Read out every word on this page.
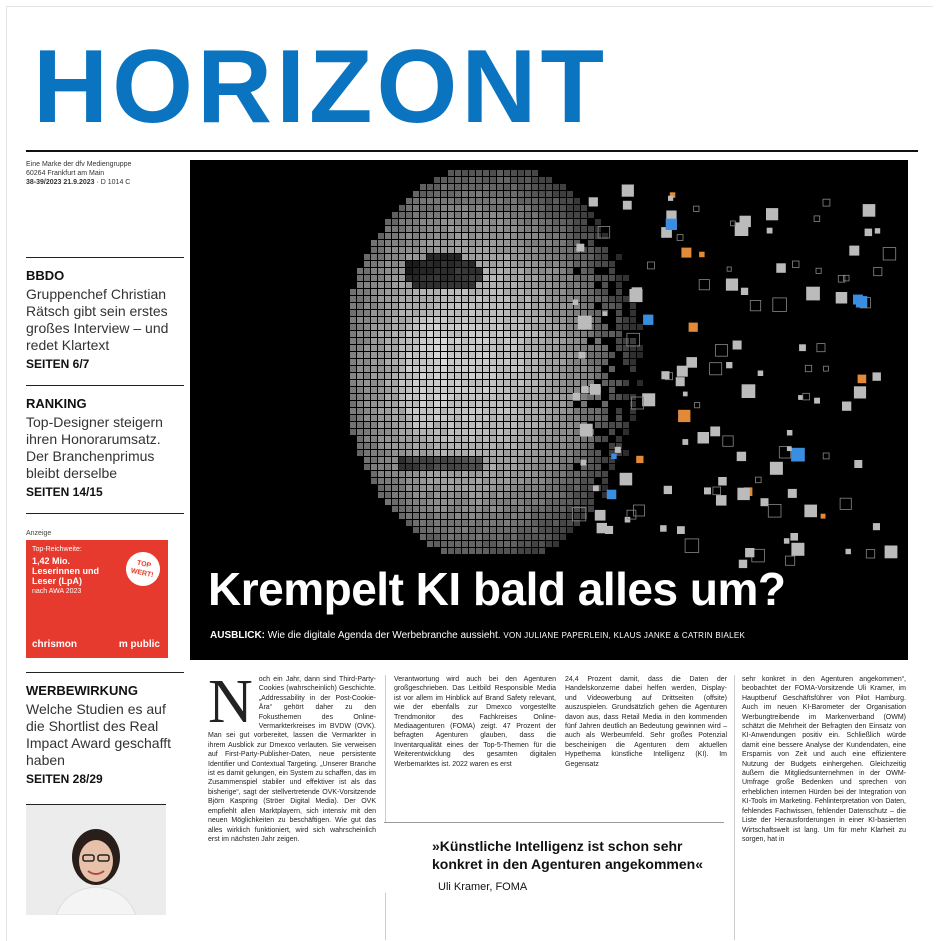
HORIZONT
Eine Marke der dfv Mediengruppe
60264 Frankfurt am Main
38-39/2023 21.9.2023 · D 1014 C
BBDO
Gruppenchef Christian Rätsch gibt sein erstes großes Interview – und redet Klartext
SEITEN 6/7
RANKING
Top-Designer steigern ihren Honorarumsatz. Der Branchenprimus bleibt derselbe
SEITEN 14/15
Anzeige
Top-Reichweite:
1,42 Mio. Leserinnen und Leser (LpA)
nach AWA 2023
TOP WERT!
chrismon	m public
WERBEWIRKUNG
Welche Studien es auf die Shortlist des Real Impact Award geschafft haben
SEITEN 28/29
Krempelt KI bald alles um?
AUSBLICK: Wie die digitale Agenda der Werbebranche aussieht. VON JULIANE PAPERLEIN, KLAUS JANKE & CATRIN BIALEK
Noch ein Jahr, dann sind Third-Party-Cookies (wahrscheinlich) Geschichte. „Addressability in der Post-Cookie-Ära“ gehört daher zu den Fokusthemen des Online-Vermarkterkreises im BVDW (OVK). Man sei gut vorbereitet, lassen die Vermarkter in ihrem Ausblick zur Dmexco verlauten. Sie verweisen auf First-Party-Publisher-Daten, neue persistente Identifier und Contextual Targeting. „Unserer Branche ist es damit gelungen, ein System zu schaffen, das im Zusammenspiel stabiler und effektiver ist als das bisherige“, sagt der stellvertretende OVK-Vorsitzende Björn Kaspring (Ströer Digital Media). Der OVK empfiehlt allen Marktplayern, sich intensiv mit den neuen Möglichkeiten zu beschäftigen. Wie gut das alles wirklich funktioniert, wird sich wahrscheinlich erst im nächsten Jahr zeigen.
Verantwortung wird auch bei den Agenturen großgeschrieben. Das Leitbild Responsible Media ist vor allem im Hinblick auf Brand Safety relevant, wie der ebenfalls zur Dmexco vorgestellte Trendmonitor des Fachkreises Online-Mediaagenturen (FOMA) zeigt. 47 Prozent der befragten Agenturen glauben, dass die Inventarqualität eines der Top-5-Themen für die Weiterentwicklung des gesamten digitalen Werbemarktes ist. 2022 waren es erst
24,4 Prozent damit, dass die Daten der Handelskonzerne dabei helfen werden, Display- und Videowerbung auf Drittseiten (offsite) auszuspielen. Grundsätzlich gehen die Agenturen davon aus, dass Retail Media in den kommenden fünf Jahren deutlich an Bedeutung gewinnen wird – auch als Werbeumfeld. Sehr großes Potenzial bescheinigen die Agenturen dem aktuellen Hypethema künstliche Intelligenz (KI). Im Gegensatz
sehr konkret in den Agenturen angekommen“, beobachtet der FOMA-Vorsitzende Uli Kramer, im Hauptberuf Geschäftsführer von Pilot Hamburg. Auch im neuen KI-Barometer der Organisation Werbungtreibende im Markenverband (OWM) schätzt die Mehrheit der Befragten den Einsatz von KI-Anwendungen positiv ein. Schließlich würde damit eine bessere Analyse der Kundendaten, eine Ersparnis von Zeit und auch eine effizientere Nutzung der Budgets einhergehen. Gleichzeitig äußern die Mitgliedsunternehmen in der OWM-Umfrage große Bedenken und sprechen von erheblichen internen Hürden bei der Integration von KI-Tools im Marketing. Fehlinterpretation von Daten, fehlendes Fachwissen, fehlender Datenschutz – die Liste der Herausforderungen in einer KI-basierten Wirtschaftswelt ist lang. Um für mehr Klarheit zu sorgen, hat in
»Künstliche Intelligenz ist schon sehr konkret in den Agenturen angekommen«
Uli Kramer, FOMA
